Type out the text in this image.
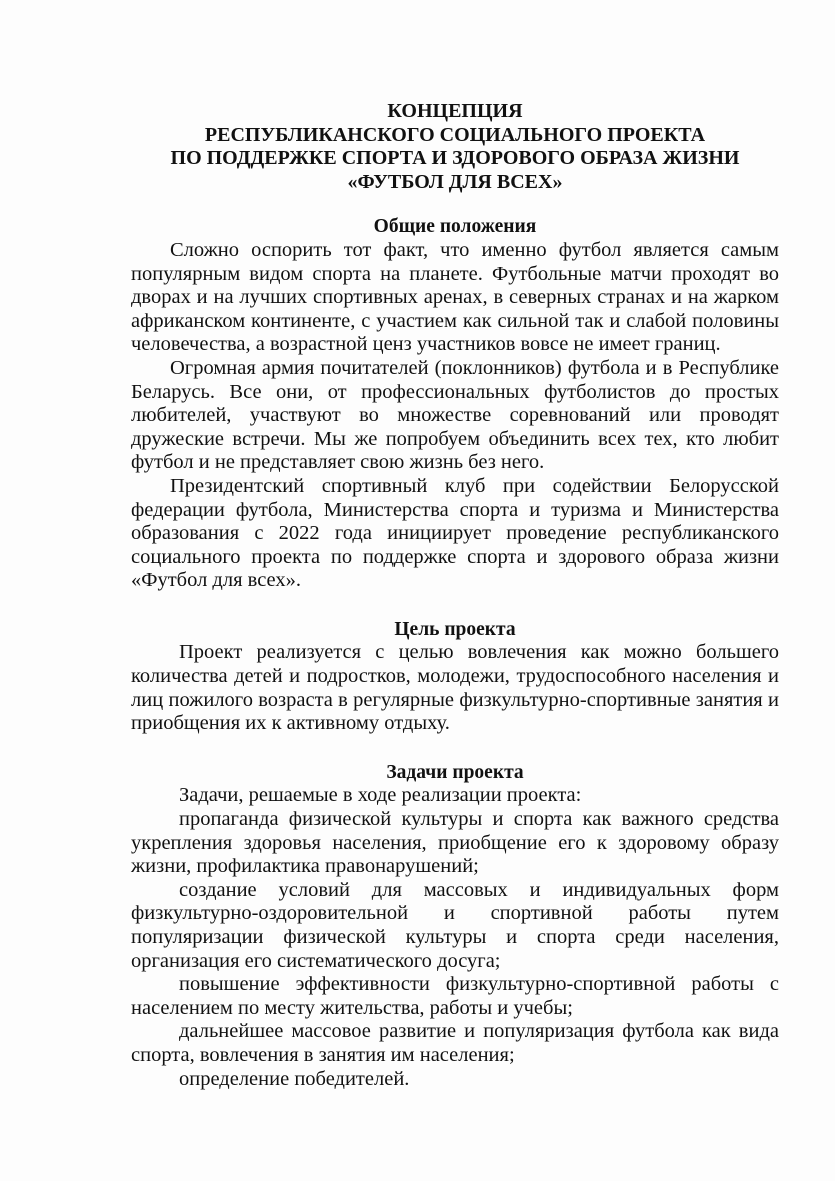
КОНЦЕПЦИЯ
РЕСПУБЛИКАНСКОГО СОЦИАЛЬНОГО ПРОЕКТА
ПО ПОДДЕРЖКЕ СПОРТА И ЗДОРОВОГО ОБРАЗА ЖИЗНИ
«ФУТБОЛ ДЛЯ ВСЕХ»
Общие положения

Сложно оспорить тот факт, что именно футбол является самым популярным видом спорта на планете. Футбольные матчи проходят во дворах и на лучших спортивных аренах, в северных странах и на жарком африканском континенте, с участием как сильной так и слабой половины человечества, а возрастной ценз участников вовсе не имеет границ.

Огромная армия почитателей (поклонников) футбола и в Республике Беларусь. Все они, от профессиональных футболистов до простых любителей, участвуют во множестве соревнований или проводят дружеские встречи. Мы же попробуем объединить всех тех, кто любит футбол и не представляет свою жизнь без него.

Президентский спортивный клуб при содействии Белорусской федерации футбола, Министерства спорта и туризма и Министерства образования с 2022 года инициирует проведение республиканского социального проекта по поддержке спорта и здорового образа жизни «Футбол для всех».

Цель проекта

Проект реализуется с целью вовлечения как можно большего количества детей и подростков, молодежи, трудоспособного населения и лиц пожилого возраста в регулярные физкультурно-спортивные занятия и приобщения их к активному отдыху.

Задачи проекта

Задачи, решаемые в ходе реализации проекта:

пропаганда физической культуры и спорта как важного средства укрепления здоровья населения, приобщение его к здоровому образу жизни, профилактика правонарушений;

создание условий для массовых и индивидуальных форм физкультурно-оздоровительной и спортивной работы путем популяризации физической культуры и спорта среди населения, организация его систематического досуга;

повышение эффективности физкультурно-спортивной работы с населением по месту жительства, работы и учебы;

дальнейшее массовое развитие и популяризация футбола как вида спорта, вовлечения в занятия им населения;

определение победителей.
